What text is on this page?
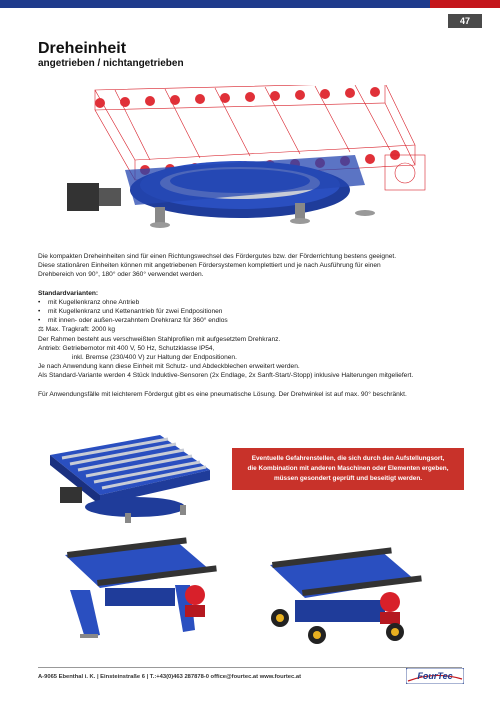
47
Dreheinheit
angetrieben / nichtangetrieben

Die kompakten Dreheinheiten sind für einen Richtungswechsel des Fördergutes bzw. der Förderrichtung bestens geeignet.

Diese stationären Einheiten können mit angetriebenen Fördersystemen komplettiert und je nach Ausführung für einen

Drehbereich von 90°, 180° oder 360° verwendet werden.

Standardvarianten:

• mit Kugellenkranz ohne Antrieb

• mit Kugellenkranz und Kettenantrieb für zwei Endpositionen

• mit innen- oder außen-verzahntem Drehkranz für 360° endlos

⚖ Max. Tragkraft: 2000 kg

Der Rahmen besteht aus verschweißten Stahlprofilen mit aufgesetztem Drehkranz.

Antrieb: Getriebemotor mit 400 V, 50 Hz, Schutzklasse IP54,

inkl. Bremse (230/400 V) zur Haltung der Endpositionen.

Je nach Anwendung kann diese Einheit mit Schutz- und Abdeckblechen erweitert werden.

Als Standard-Variante werden 4 Stück Induktive-Sensoren (2x Endlage, 2x Sanft-Start/-Stopp) inklusive Halterungen mitgeliefert.

Für Anwendungsfälle mit leichterem Fördergut gibt es eine pneumatische Lösung. Der Drehwinkel ist auf max. 90° beschränkt.

Eventuelle Gefahrenstellen, die sich durch den Aufstellungsort,
die Kombination mit anderen Maschinen oder Elementen ergeben,
müssen gesondert geprüft und beseitigt werden.
A-9065 Ebenthal i. K. | Einsteinstraße 6 | T.:+43(0)463 287878-0 office@fourtec.at www.fourtec.at	FourTec
